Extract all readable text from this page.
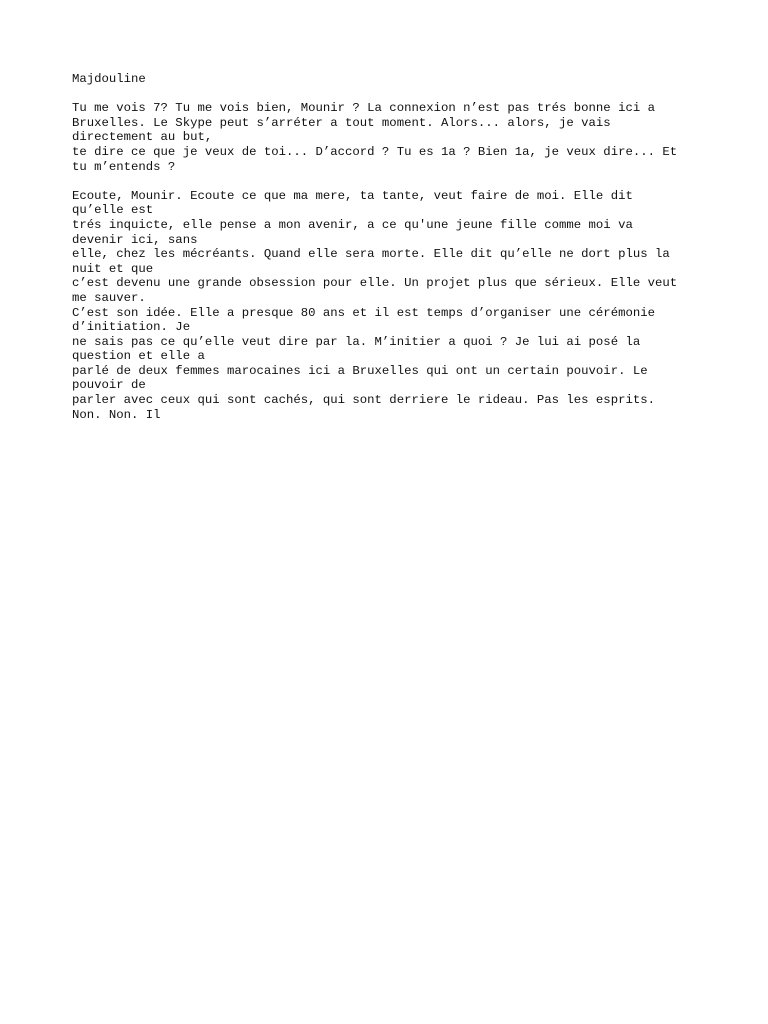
Majdouline
Tu me vois 7? Tu me vois bien, Mounir ? La connexion n’est pas trés bonne ici a
Bruxelles. Le Skype peut s’arréter a tout moment. Alors... alors, je vais
directement au but,
te dire ce que je veux de toi... D’accord ? Tu es 1a ? Bien 1a, je veux dire... Et
tu m’entends ?
Ecoute, Mounir. Ecoute ce que ma mere, ta tante, veut faire de moi. Elle dit
qu’elle est
trés inquicte, elle pense a mon avenir, a ce qu'une jeune fille comme moi va
devenir ici, sans
elle, chez les mécréants. Quand elle sera morte. Elle dit qu’elle ne dort plus la
nuit et que
c’est devenu une grande obsession pour elle. Un projet plus que sérieux. Elle veut
me sauver.
C’est son idée. Elle a presque 80 ans et il est temps d’organiser une cérémonie
d’initiation. Je
ne sais pas ce qu’elle veut dire par la. M’initier a quoi ? Je lui ai posé la
question et elle a
parlé de deux femmes marocaines ici a Bruxelles qui ont un certain pouvoir. Le
pouvoir de
parler avec ceux qui sont cachés, qui sont derriere le rideau. Pas les esprits.
Non. Non. Il
